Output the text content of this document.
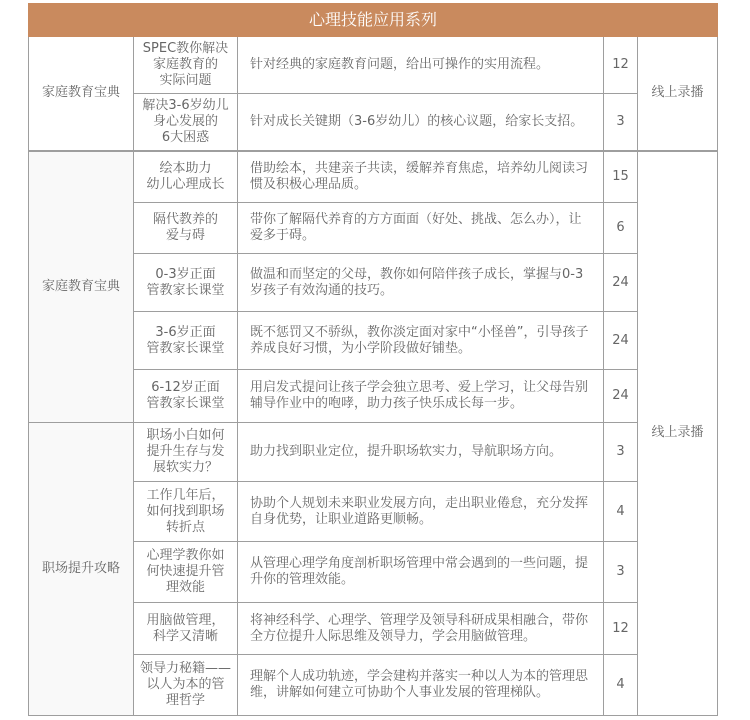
心理技能应用系列				
家庭教育宝典	SPEC教你解决
家庭教育的
实际问题	针对经典的家庭教育问题，给出可操作的实用流程。	12	线上录播

	解决3-6岁幼儿
身心发展的
6大困惑	针对成长关键期（3-6岁幼儿）的核心议题，给家长支招。	3	
家庭教育宝典	绘本助力
幼儿心理成长	借助绘本，共建亲子共读，缓解养育焦虑，培养幼儿阅读习惯及积极心理品质。	15	线上录播

	隔代教养的
爱与碍	带你了解隔代养育的方方面面（好处、挑战、怎么办），让爱多于碍。	6	

	0-3岁正面
管教家长课堂	做温和而坚定的父母，教你如何陪伴孩子成长，掌握与0-3岁孩子有效沟通的技巧。	24	

	3-6岁正面
管教家长课堂	既不惩罚又不骄纵，教你淡定面对家中“小怪兽”，引导孩子养成良好习惯，为小学阶段做好铺垫。	24	

	6-12岁正面
管教家长课堂	用启发式提问让孩子学会独立思考、爱上学习，让父母告别辅导作业中的咆哮，助力孩子快乐成长每一步。	24	
职场提升攻略	职场小白如何
提升生存与发
展软实力？	助力找到职业定位，提升职场软实力，导航职场方向。	3	

	工作几年后，
如何找到职场
转折点	协助个人规划未来职业发展方向，走出职业倦怠，充分发挥自身优势，让职业道路更顺畅。	4	

	心理学教你如
何快速提升管
理效能	从管理心理学角度剖析职场管理中常会遇到的一些问题，提升你的管理效能。	3	

	用脑做管理，
科学又清晰	将神经科学、心理学、管理学及领导科研成果相融合，带你全方位提升人际思维及领导力，学会用脑做管理。	12	

	领导力秘籍——
以人为本的管
理哲学	理解个人成功轨迹，学会建构并落实一种以人为本的管理思维，讲解如何建立可协助个人事业发展的管理梯队。	4	
